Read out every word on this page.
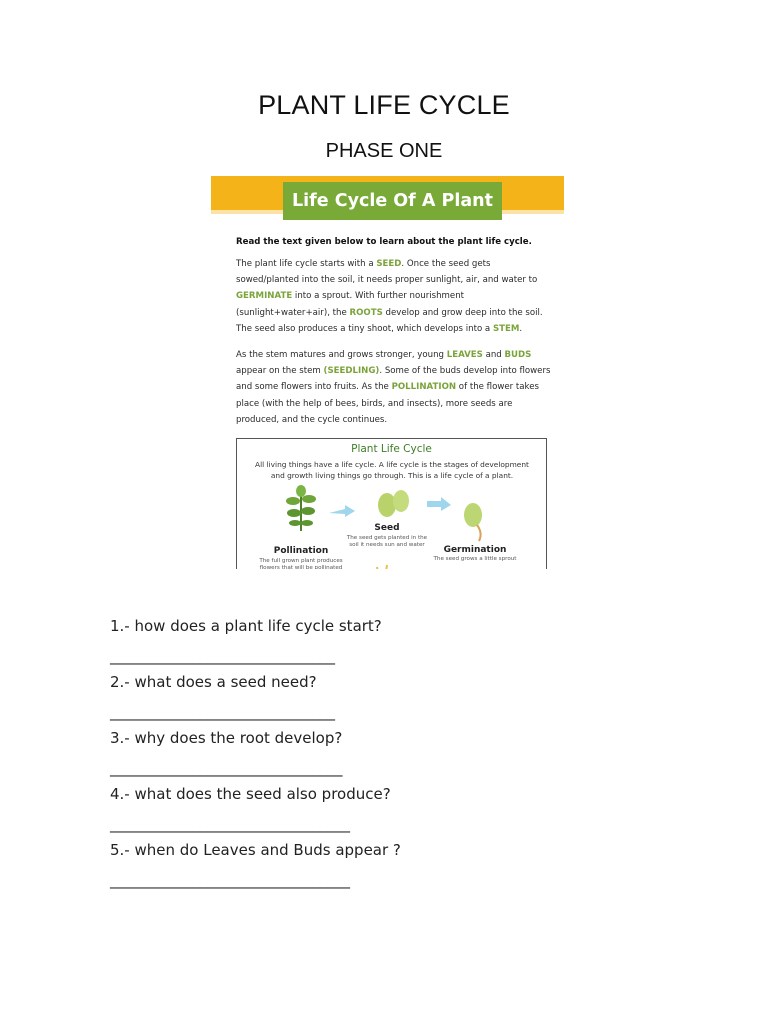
PLANT LIFE CYCLE
PHASE ONE
Life Cycle Of A Plant
Read the text given below to learn about the plant life cycle.
The plant life cycle starts with a SEED. Once the seed gets sowed/planted into the soil, it needs proper sunlight, air, and water to GERMINATE into a sprout. With further nourishment (sunlight+water+air), the ROOTS develop and grow deep into the soil. The seed also produces a tiny shoot, which develops into a STEM.
As the stem matures and grows stronger, young LEAVES and BUDS appear on the stem (SEEDLING). Some of the buds develop into flowers and some flowers into fruits. As the POLLINATION of the flower takes place (with the help of bees, birds, and insects), more seeds are produced, and the cycle continues.
Plant Life Cycle
All living things have a life cycle. A life cycle is the stages of development and growth living things go through. This is a life cycle of a plant.
Pollination
The full grown plant produces flowers that will be pollinated
Seed
The seed gets planted in the soil it needs sun and water	Germination
The seed grows a little sprout
1.- how does a plant life cycle start?
______________________________
2.- what does a seed need?
______________________________
3.- why does the root develop?
_______________________________
4.- what does the seed also produce?
________________________________
5.- when do Leaves and Buds appear ?
________________________________
